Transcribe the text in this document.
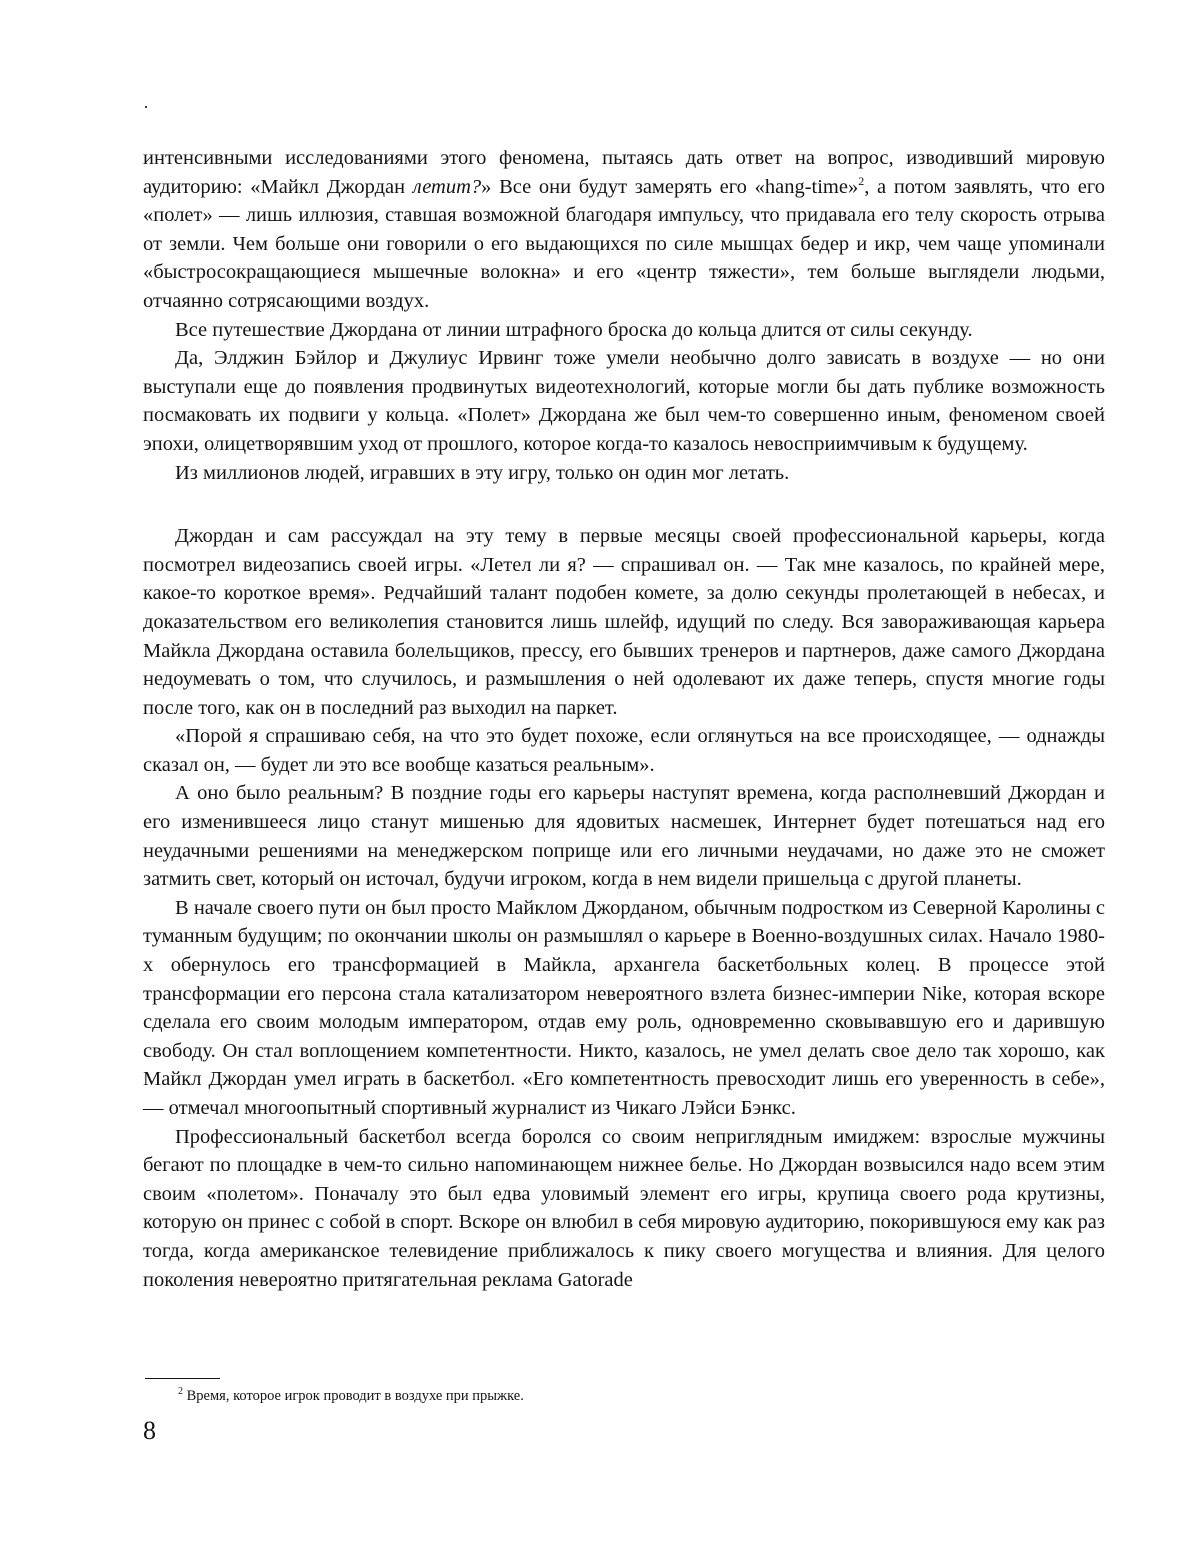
·

интенсивными исследованиями этого феномена, пытаясь дать ответ на вопрос, изводивший мировую аудиторию: «Майкл Джордан летит?» Все они будут замерять его «hang-time»$^2$, а потом заявлять, что его «полет» — лишь иллюзия, ставшая возможной благодаря импульсу, что придавала его телу скорость отрыва от земли. Чем больше они говорили о его выдающихся по силе мышцах бедер и икр, чем чаще упоминали «быстросокращающиеся мышечные волокна» и его «центр тяжести», тем больше выглядели людьми, отчаянно сотрясающими воздух.

Все путешествие Джордана от линии штрафного броска до кольца длится от силы секунду.

Да, Элджин Бэйлор и Джулиус Ирвинг тоже умели необычно долго зависать в воздухе — но они выступали еще до появления продвинутых видеотехнологий, которые могли бы дать публике возможность посмаковать их подвиги у кольца. «Полет» Джордана же был чем-то совершенно иным, феноменом своей эпохи, олицетворявшим уход от прошлого, которое когда-то казалось невосприимчивым к будущему.

Из миллионов людей, игравших в эту игру, только он один мог летать.

Джордан и сам рассуждал на эту тему в первые месяцы своей профессиональной карьеры, когда посмотрел видеозапись своей игры. «Летел ли я? — спрашивал он. — Так мне казалось, по крайней мере, какое-то короткое время». Редчайший талант подобен комете, за долю секунды пролетающей в небесах, и доказательством его великолепия становится лишь шлейф, идущий по следу. Вся завораживающая карьера Майкла Джордана оставила болельщиков, прессу, его бывших тренеров и партнеров, даже самого Джордана недоумевать о том, что случилось, и размышления о ней одолевают их даже теперь, спустя многие годы после того, как он в последний раз выходил на паркет.

«Порой я спрашиваю себя, на что это будет похоже, если оглянуться на все происходящее, — однажды сказал он, — будет ли это все вообще казаться реальным».

А оно было реальным? В поздние годы его карьеры наступят времена, когда располневший Джордан и его изменившееся лицо станут мишенью для ядовитых насмешек, Интернет будет потешаться над его неудачными решениями на менеджерском поприще или его личными неудачами, но даже это не сможет затмить свет, который он источал, будучи игроком, когда в нем видели пришельца с другой планеты.

В начале своего пути он был просто Майклом Джорданом, обычным подростком из Северной Каролины с туманным будущим; по окончании школы он размышлял о карьере в Военно-воздушных силах. Начало 1980-х обернулось его трансформацией в Майкла, архангела баскетбольных колец. В процессе этой трансформации его персона стала катализатором невероятного взлета бизнес-империи Nike, которая вскоре сделала его своим молодым императором, отдав ему роль, одновременно сковывавшую его и дарившую свободу. Он стал воплощением компетентности. Никто, казалось, не умел делать свое дело так хорошо, как Майкл Джордан умел играть в баскетбол. «Его компетентность превосходит лишь его уверенность в себе», — отмечал многоопытный спортивный журналист из Чикаго Лэйси Бэнкс.

Профессиональный баскетбол всегда боролся со своим неприглядным имиджем: взрослые мужчины бегают по площадке в чем-то сильно напоминающем нижнее белье. Но Джордан возвысился надо всем этим своим «полетом». Поначалу это был едва уловимый элемент его игры, крупица своего рода крутизны, которую он принес с собой в спорт. Вскоре он влюбил в себя мировую аудиторию, покорившуюся ему как раз тогда, когда американское телевидение приближалось к пику своего могущества и влияния. Для целого поколения невероятно притягательная реклама Gatorade

$^2$ Время, которое игрок проводит в воздухе при прыжке.
8
